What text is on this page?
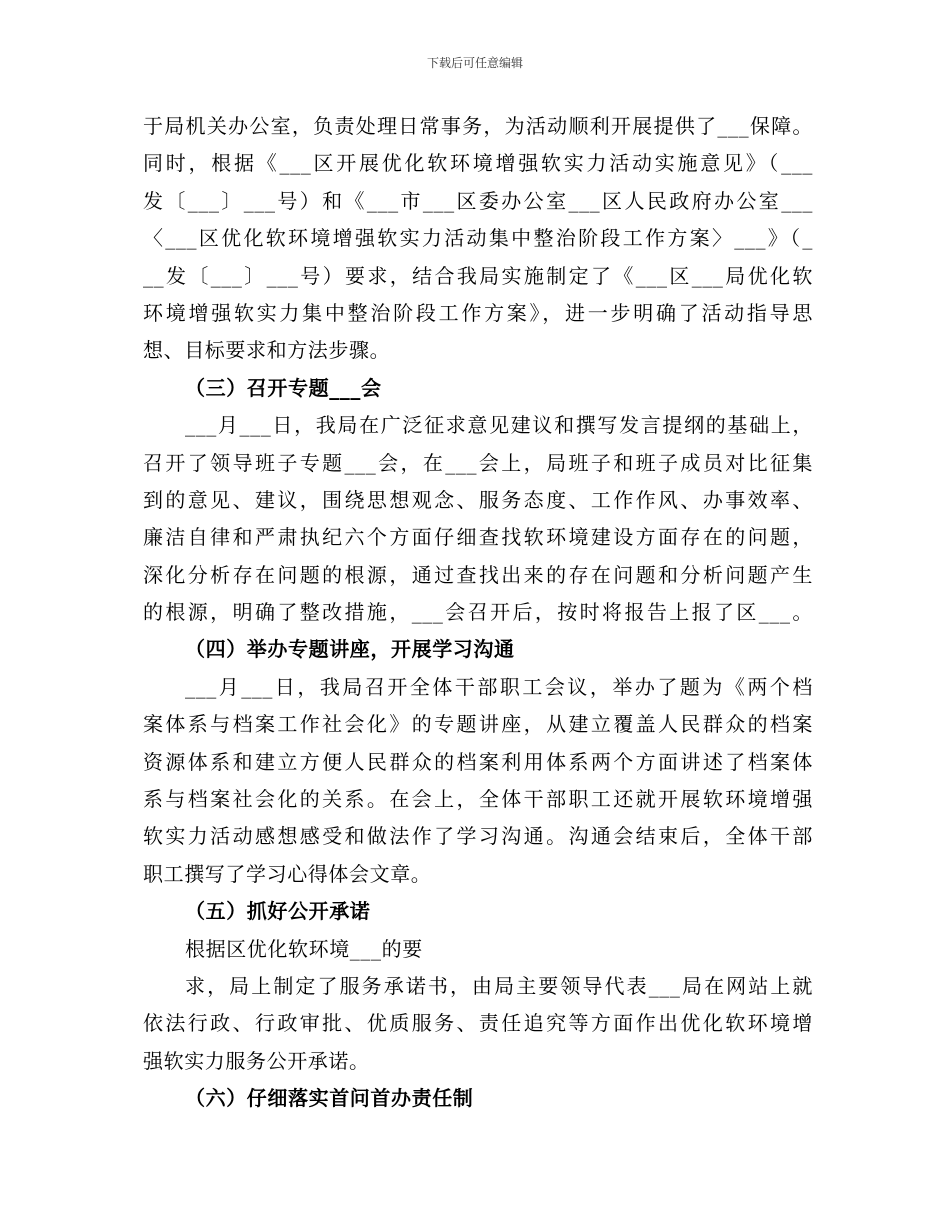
下载后可任意编辑
于局机关办公室，负责处理日常事务，为活动顺利开展提供了___保障。
同时，根据《___区开展优化软环境增强软实力活动实施意见》（___
发〔___〕___号）和《___市___区委办公室___区人民政府办公室___
〈___区优化软环境增强软实力活动集中整治阶段工作方案〉___》（_
__发〔___〕___号）要求，结合我局实施制定了《___区___局优化软
环境增强软实力集中整治阶段工作方案》，进一步明确了活动指导思
想、目标要求和方法步骤。
（三）召开专题___会
___月___日，我局在广泛征求意见建议和撰写发言提纲的基础上，
召开了领导班子专题___会，在___会上，局班子和班子成员对比征集
到的意见、建议，围绕思想观念、服务态度、工作作风、办事效率、
廉洁自律和严肃执纪六个方面仔细查找软环境建设方面存在的问题，
深化分析存在问题的根源，通过查找出来的存在问题和分析问题产生
的根源，明确了整改措施，___会召开后，按时将报告上报了区___。
（四）举办专题讲座，开展学习沟通
___月___日，我局召开全体干部职工会议，举办了题为《两个档
案体系与档案工作社会化》的专题讲座，从建立覆盖人民群众的档案
资源体系和建立方便人民群众的档案利用体系两个方面讲述了档案体
系与档案社会化的关系。在会上，全体干部职工还就开展软环境增强
软实力活动感想感受和做法作了学习沟通。沟通会结束后，全体干部
职工撰写了学习心得体会文章。
（五）抓好公开承诺
根据区优化软环境___的要
求，局上制定了服务承诺书，由局主要领导代表___局在网站上就
依法行政、行政审批、优质服务、责任追究等方面作出优化软环境增
强软实力服务公开承诺。
（六）仔细落实首问首办责任制
